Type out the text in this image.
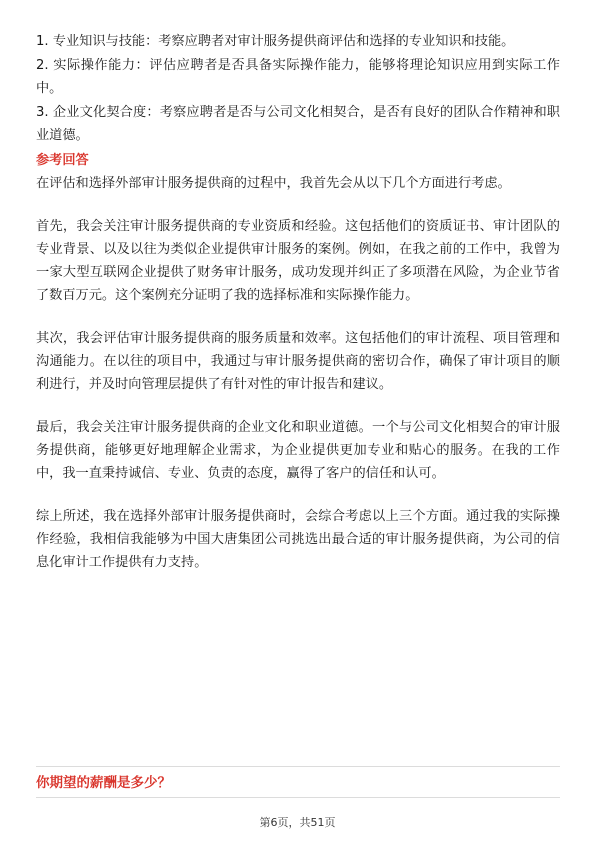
1. 专业知识与技能：考察应聘者对审计服务提供商评估和选择的专业知识和技能。

2. 实际操作能力：评估应聘者是否具备实际操作能力，能够将理论知识应用到实际工作中。

3. 企业文化契合度：考察应聘者是否与公司文化相契合，是否有良好的团队合作精神和职业道德。

参考回答

在评估和选择外部审计服务提供商的过程中，我首先会从以下几个方面进行考虑。

首先，我会关注审计服务提供商的专业资质和经验。这包括他们的资质证书、审计团队的专业背景、以及以往为类似企业提供审计服务的案例。例如，在我之前的工作中，我曾为一家大型互联网企业提供了财务审计服务，成功发现并纠正了多项潜在风险，为企业节省了数百万元。这个案例充分证明了我的选择标准和实际操作能力。

其次，我会评估审计服务提供商的服务质量和效率。这包括他们的审计流程、项目管理和沟通能力。在以往的项目中，我通过与审计服务提供商的密切合作，确保了审计项目的顺利进行，并及时向管理层提供了有针对性的审计报告和建议。

最后，我会关注审计服务提供商的企业文化和职业道德。一个与公司文化相契合的审计服务提供商，能够更好地理解企业需求，为企业提供更加专业和贴心的服务。在我的工作中，我一直秉持诚信、专业、负责的态度，赢得了客户的信任和认可。

综上所述，我在选择外部审计服务提供商时，会综合考虑以上三个方面。通过我的实际操作经验，我相信我能够为中国大唐集团公司挑选出最合适的审计服务提供商，为公司的信息化审计工作提供有力支持。

你期望的薪酬是多少？
第6页，共51页
